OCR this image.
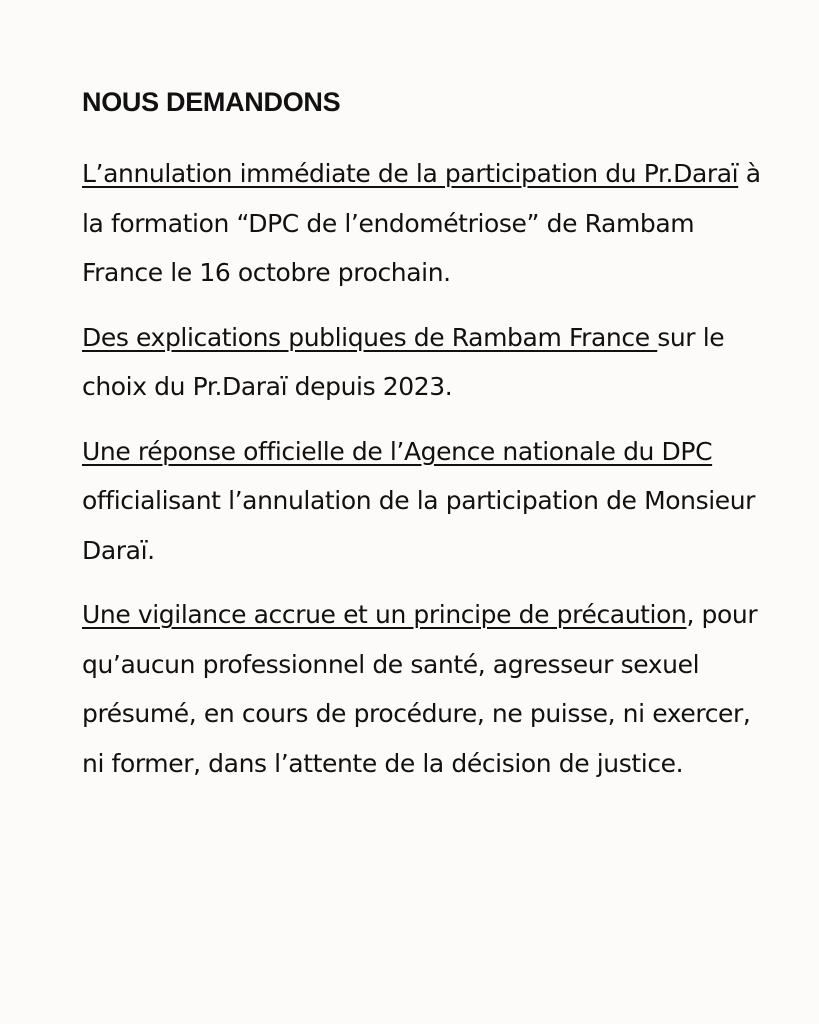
NOUS DEMANDONS

L’annulation immédiate de la participation du Pr.Daraï à la formation “DPC de l’endométriose” de Rambam France le 16 octobre prochain.

Des explications publiques de Rambam France sur le choix du Pr.Daraï depuis 2023.

Une réponse officielle de l’Agence nationale du DPC officialisant l’annulation de la participation de Monsieur Daraï.

Une vigilance accrue et un principe de précaution, pour qu’aucun professionnel de santé, agresseur sexuel présumé, en cours de procédure, ne puisse, ni exercer, ni former, dans l’attente de la décision de justice.
